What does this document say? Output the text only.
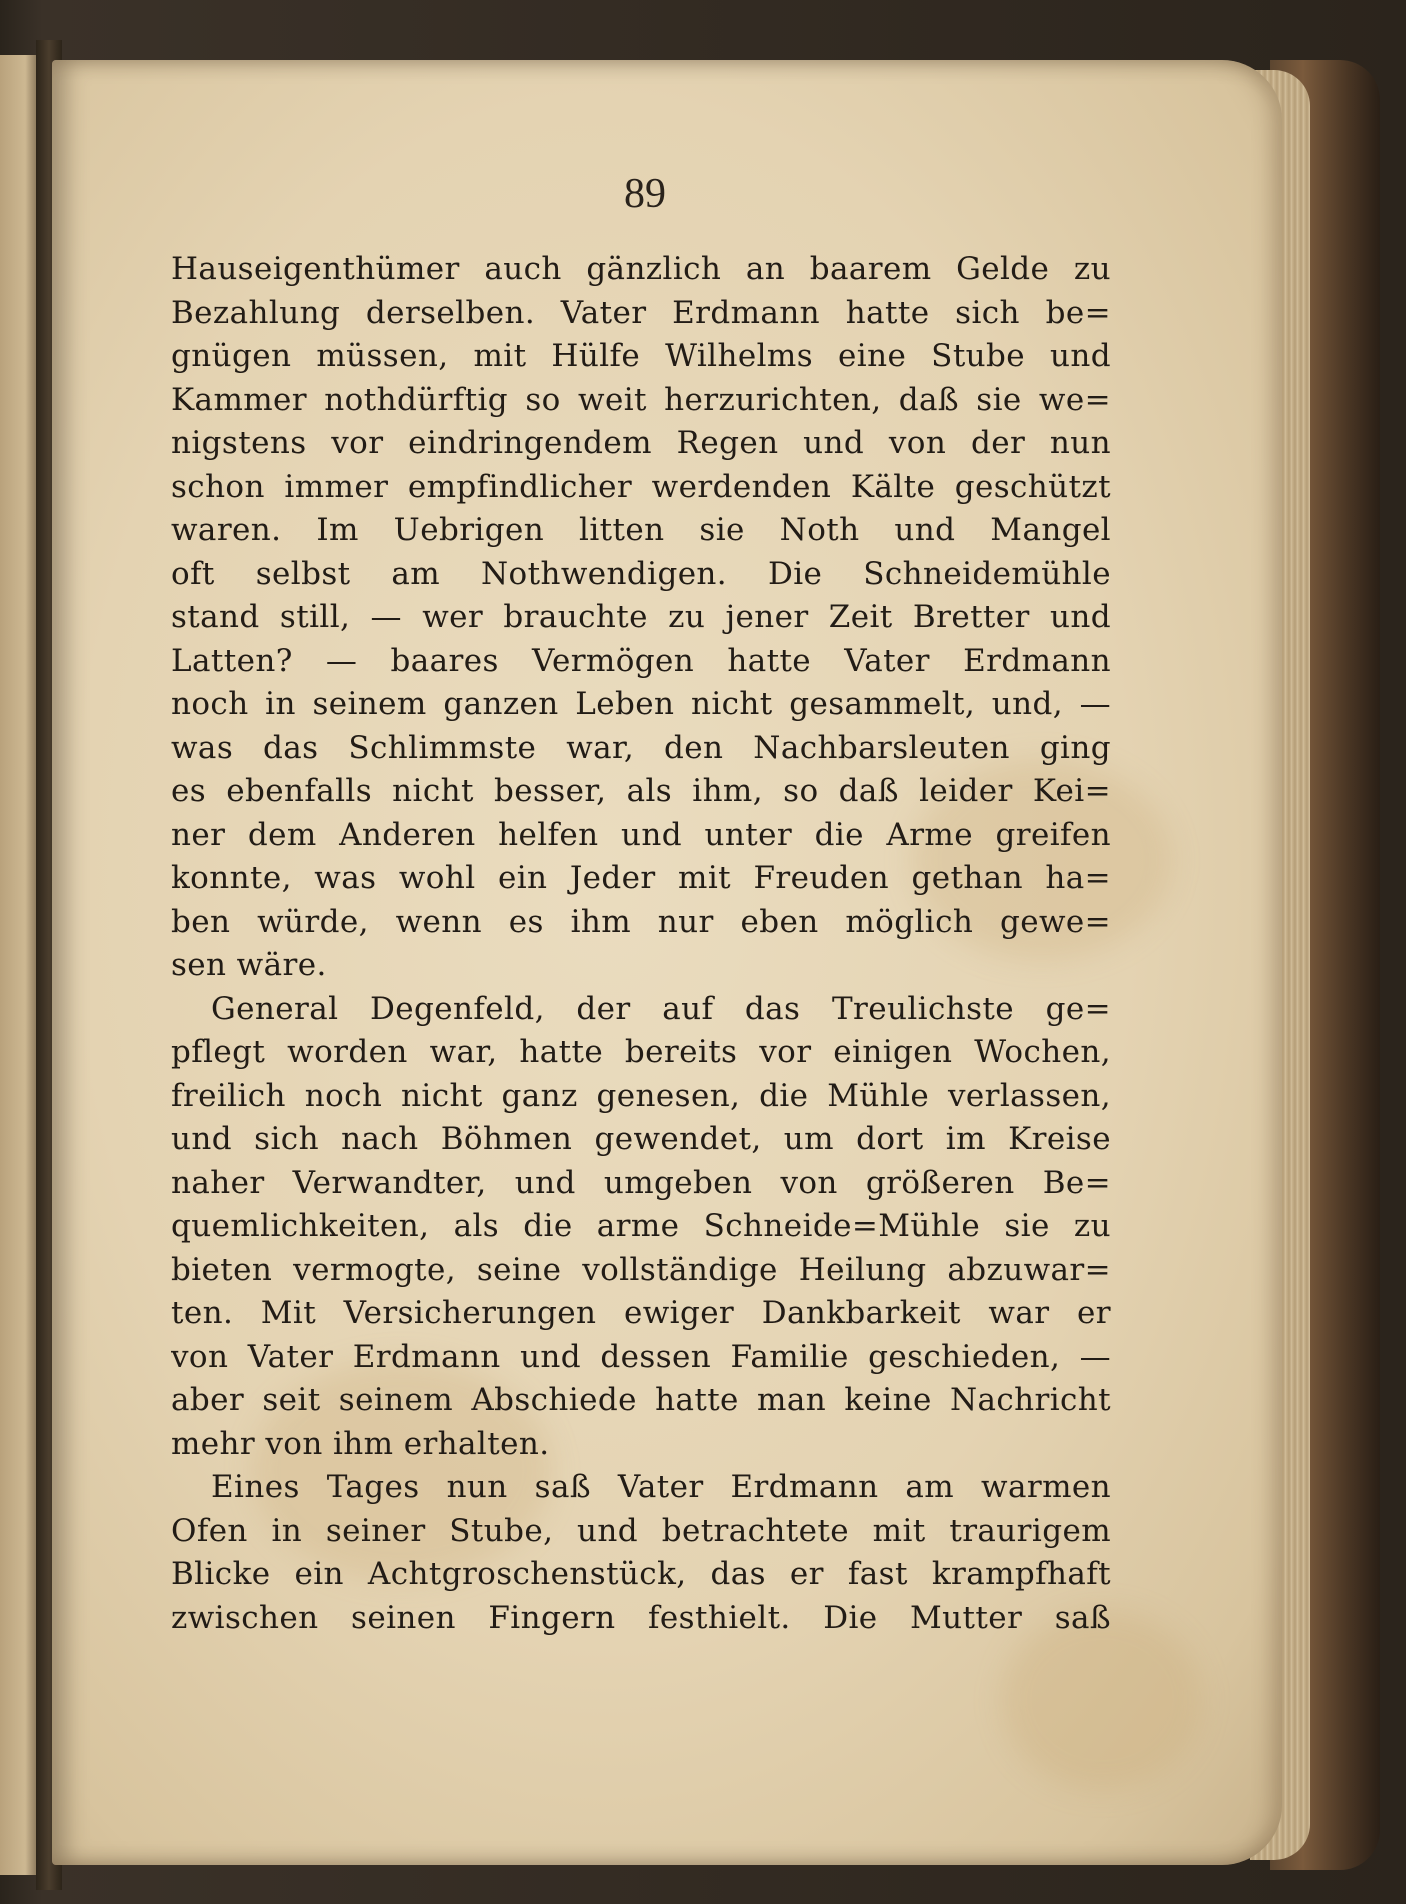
89

Hauseigenthümer auch gänzlich an baarem Gelde zu
Bezahlung derselben. Vater Erdmann hatte sich be=
gnügen müssen, mit Hülfe Wilhelms eine Stube und
Kammer nothdürftig so weit herzurichten, daß sie we=
nigstens vor eindringendem Regen und von der nun
schon immer empfindlicher werdenden Kälte geschützt
waren. Im Uebrigen litten sie Noth und Mangel
oft selbst am Nothwendigen. Die Schneidemühle
stand still, — wer brauchte zu jener Zeit Bretter und
Latten? — baares Vermögen hatte Vater Erdmann
noch in seinem ganzen Leben nicht gesammelt, und, —
was das Schlimmste war, den Nachbarsleuten ging
es ebenfalls nicht besser, als ihm, so daß leider Kei=
ner dem Anderen helfen und unter die Arme greifen
konnte, was wohl ein Jeder mit Freuden gethan ha=
ben würde, wenn es ihm nur eben möglich gewe=
sen wäre.
General Degenfeld, der auf das Treulichste ge=
pflegt worden war, hatte bereits vor einigen Wochen,
freilich noch nicht ganz genesen, die Mühle verlassen,
und sich nach Böhmen gewendet, um dort im Kreise
naher Verwandter, und umgeben von größeren Be=
quemlichkeiten, als die arme Schneide=Mühle sie zu
bieten vermogte, seine vollständige Heilung abzuwar=
ten. Mit Versicherungen ewiger Dankbarkeit war er
von Vater Erdmann und dessen Familie geschieden, —
aber seit seinem Abschiede hatte man keine Nachricht
mehr von ihm erhalten.
Eines Tages nun saß Vater Erdmann am warmen
Ofen in seiner Stube, und betrachtete mit traurigem
Blicke ein Achtgroschenstück, das er fast krampfhaft
zwischen seinen Fingern festhielt. Die Mutter saß
